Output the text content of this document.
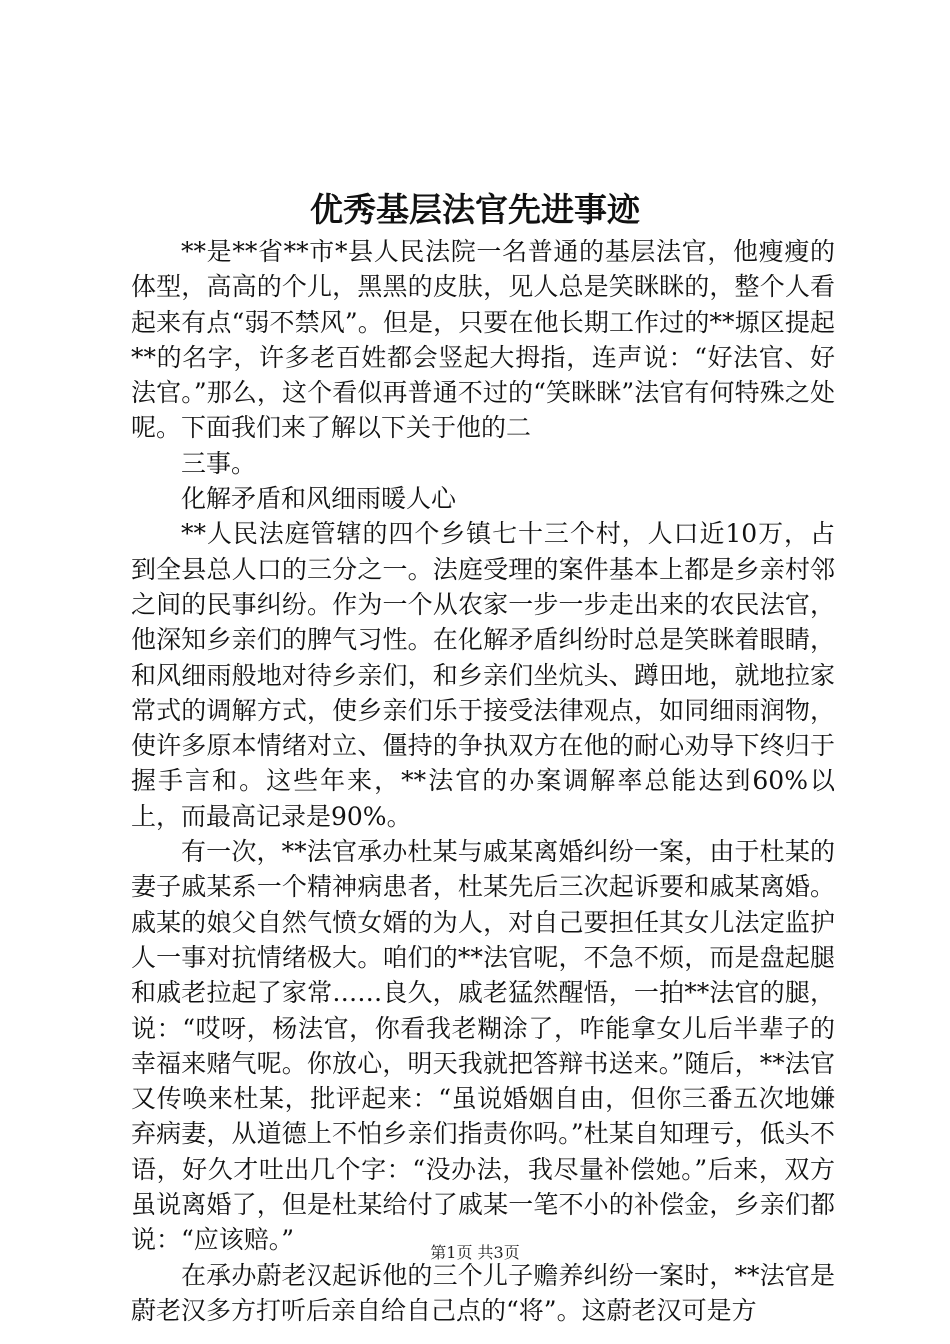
优秀基层法官先进事迹

**是**省**市*县人民法院一名普通的基层法官，他瘦瘦的体型，高高的个儿，黑黑的皮肤，见人总是笑眯眯的，整个人看起来有点“弱不禁风”。但是，只要在他长期工作过的**塬区提起**的名字，许多老百姓都会竖起大拇指，连声说：“好法官、好法官。”那么，这个看似再普通不过的“笑眯眯”法官有何特殊之处呢。下面我们来了解以下关于他的二

三事。

化解矛盾和风细雨暖人心

**人民法庭管辖的四个乡镇七十三个村，人口近10万，占到全县总人口的三分之一。法庭受理的案件基本上都是乡亲村邻之间的民事纠纷。作为一个从农家一步一步走出来的农民法官，他深知乡亲们的脾气习性。在化解矛盾纠纷时总是笑眯着眼睛，和风细雨般地对待乡亲们，和乡亲们坐炕头、蹲田地，就地拉家常式的调解方式，使乡亲们乐于接受法律观点，如同细雨润物，使许多原本情绪对立、僵持的争执双方在他的耐心劝导下终归于握手言和。这些年来，**法官的办案调解率总能达到60%以上，而最高记录是90%。

有一次，**法官承办杜某与戚某离婚纠纷一案，由于杜某的妻子戚某系一个精神病患者，杜某先后三次起诉要和戚某离婚。戚某的娘父自然气愤女婿的为人，对自己要担任其女儿法定监护人一事对抗情绪极大。咱们的**法官呢，不急不烦，而是盘起腿和戚老拉起了家常……良久，戚老猛然醒悟，一拍**法官的腿，说：“哎呀，杨法官，你看我老糊涂了，咋能拿女儿后半辈子的幸福来赌气呢。你放心，明天我就把答辩书送来。”随后，**法官又传唤来杜某，批评起来：“虽说婚姻自由，但你三番五次地嫌弃病妻，从道德上不怕乡亲们指责你吗。”杜某自知理亏，低头不语，好久才吐出几个字：“没办法，我尽量补偿她。”后来，双方虽说离婚了，但是杜某给付了戚某一笔不小的补偿金，乡亲们都说：“应该赔。”

在承办蔚老汉起诉他的三个儿子赡养纠纷一案时，**法官是蔚老汉多方打听后亲自给自己点的“将”。这蔚老汉可是方

第1页 共3页
